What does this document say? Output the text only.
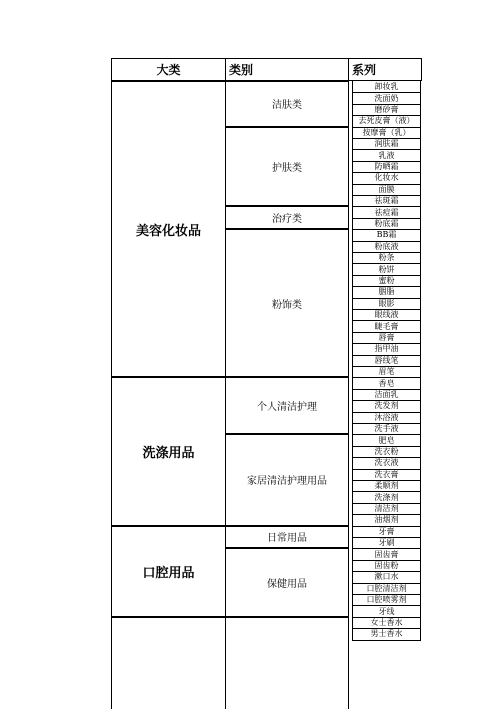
大类	类别	系列
美容化妆品
洁肤类
卸妆乳
洗面奶
磨砂膏
去死皮膏（液）
护肤类
按摩膏（乳）
润肤霜
乳液
防晒霜
化妆水
面膜
祛斑霜
治疗类
祛痘霜
粉底霜
粉饰类
BB霜
粉底液
粉条
粉饼
蜜粉
胭脂
眼影
眼线液
睫毛膏
唇膏
指甲油
唇线笔
眉笔
洗涤用品
个人清洁护理
香皂
洁面乳
洗发剂
沐浴液
洗手液
家居清洁护理用品
肥皂
洗衣粉
洗衣液
洗衣膏
柔顺剂
洗涤剂
清洁剂
油烟剂
口腔用品
日常用品
牙膏
牙刷
保健用品
固齿膏
固齿粉
漱口水
口腔清洁剂
口腔喷雾剂
牙线
女士香水
男士香水
